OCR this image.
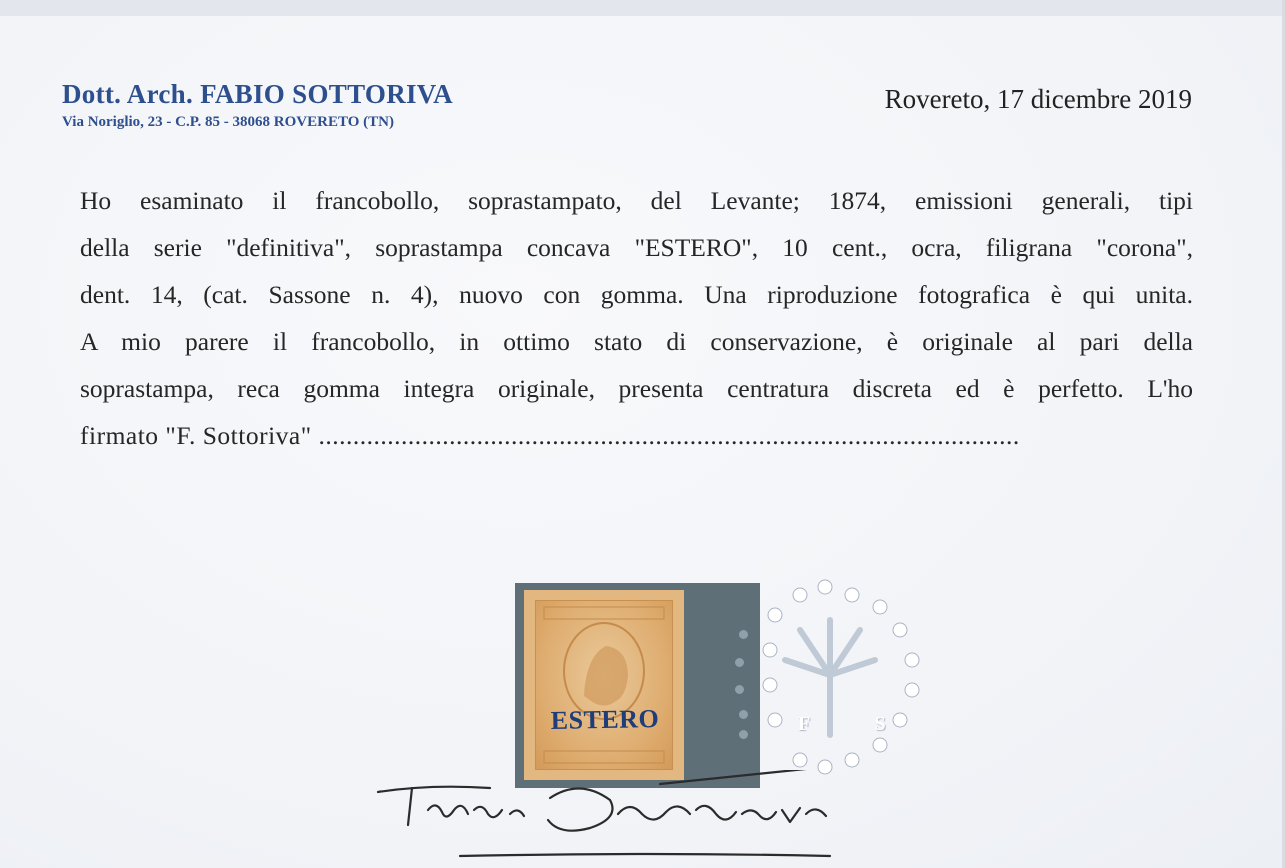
Dott. Arch. FABIO SOTTORIVA
Via Noriglio, 23 - C.P. 85 - 38068 ROVERETO (TN)
Rovereto, 17 dicembre 2019
Ho esaminato il francobollo, soprastampato, del Levante; 1874, emissioni generali, tipi
della serie "definitiva", soprastampa concava "ESTERO", 10 cent., ocra, filigrana "corona",
dent. 14, (cat. Sassone n. 4), nuovo con gomma. Una riproduzione fotografica è qui unita.
A mio parere il francobollo, in ottimo stato di conservazione, è originale al pari della
soprastampa, reca gomma integra originale, presenta centratura discreta ed è perfetto. L'ho
firmato "F. Sottoriva" ......................................................................................................
ESTERO	F S
